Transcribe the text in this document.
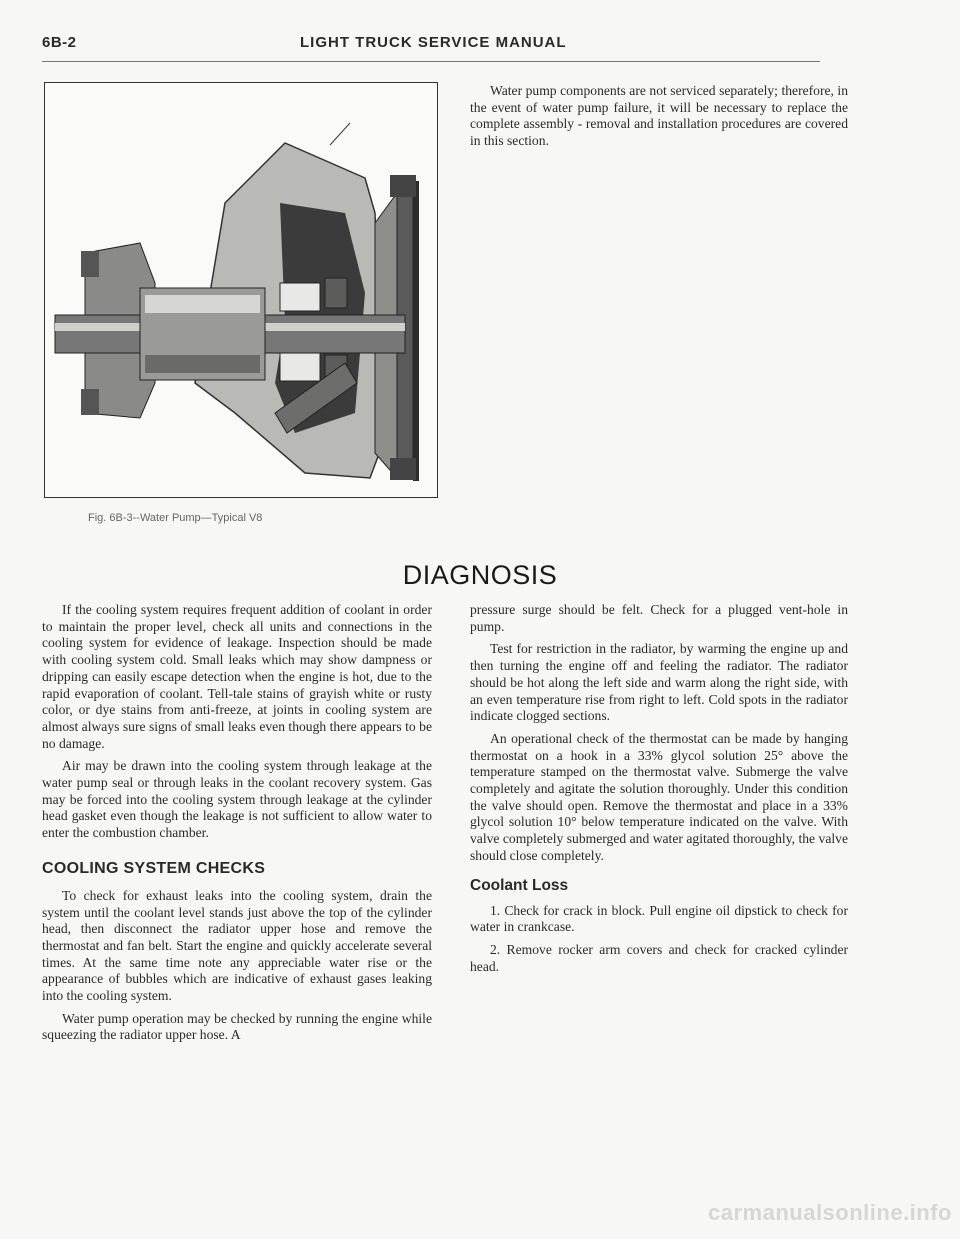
6B-2	LIGHT TRUCK SERVICE MANUAL
Fig. 6B-3--Water Pump—Typical V8

Water pump components are not serviced separately; therefore, in the event of water pump failure, it will be necessary to replace the complete assembly - removal and installation procedures are covered in this section.

DIAGNOSIS

If the cooling system requires frequent addition of coolant in order to maintain the proper level, check all units and connections in the cooling system for evidence of leakage. Inspection should be made with cooling system cold. Small leaks which may show dampness or dripping can easily escape detection when the engine is hot, due to the rapid evaporation of coolant. Tell-tale stains of grayish white or rusty color, or dye stains from anti-freeze, at joints in cooling system are almost always sure signs of small leaks even though there appears to be no damage.

Air may be drawn into the cooling system through leakage at the water pump seal or through leaks in the coolant recovery system. Gas may be forced into the cooling system through leakage at the cylinder head gasket even though the leakage is not sufficient to allow water to enter the combustion chamber.

COOLING SYSTEM CHECKS

To check for exhaust leaks into the cooling system, drain the system until the coolant level stands just above the top of the cylinder head, then disconnect the radiator upper hose and remove the thermostat and fan belt. Start the engine and quickly accelerate several times. At the same time note any appreciable water rise or the appearance of bubbles which are indicative of exhaust gases leaking into the cooling system.

Water pump operation may be checked by running the engine while squeezing the radiator upper hose. A

pressure surge should be felt. Check for a plugged vent-hole in pump.

Test for restriction in the radiator, by warming the engine up and then turning the engine off and feeling the radiator. The radiator should be hot along the left side and warm along the right side, with an even temperature rise from right to left. Cold spots in the radiator indicate clogged sections.

An operational check of the thermostat can be made by hanging thermostat on a hook in a 33% glycol solution 25° above the temperature stamped on the thermostat valve. Submerge the valve completely and agitate the solution thoroughly. Under this condition the valve should open. Remove the thermostat and place in a 33% glycol solution 10° below temperature indicated on the valve. With valve completely submerged and water agitated thoroughly, the valve should close completely.

Coolant Loss

1. Check for crack in block. Pull engine oil dipstick to check for water in crankcase.

2. Remove rocker arm covers and check for cracked cylinder head.

carmanualsonline.info
